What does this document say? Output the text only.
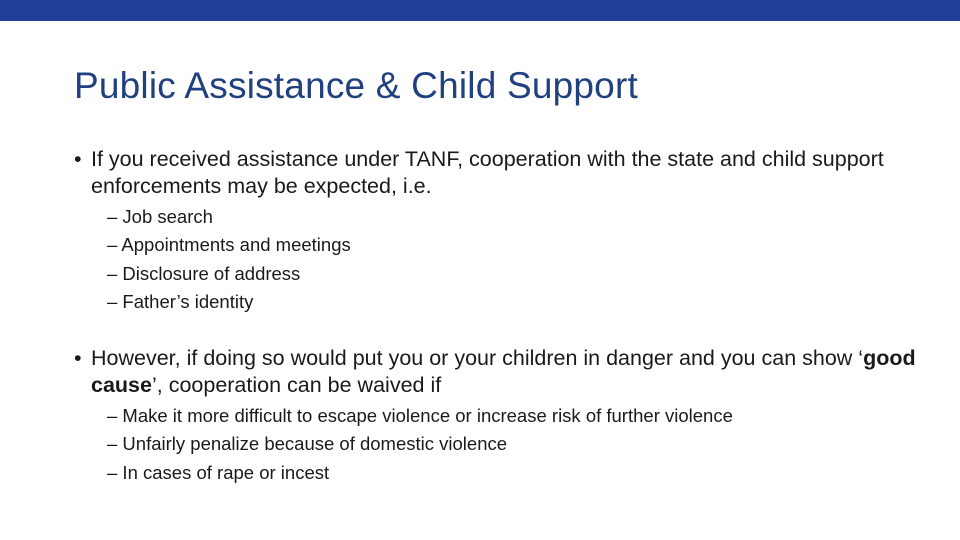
Public Assistance & Child Support
• If you received assistance under TANF, cooperation with the state and child support enforcements may be expected, i.e.
– Job search
– Appointments and meetings
– Disclosure of address
– Father’s identity
• However, if doing so would put you or your children in danger and you can show ‘good cause’, cooperation can be waived if
– Make it more difficult to escape violence or increase risk of further violence
– Unfairly penalize because of domestic violence
– In cases of rape or incest
